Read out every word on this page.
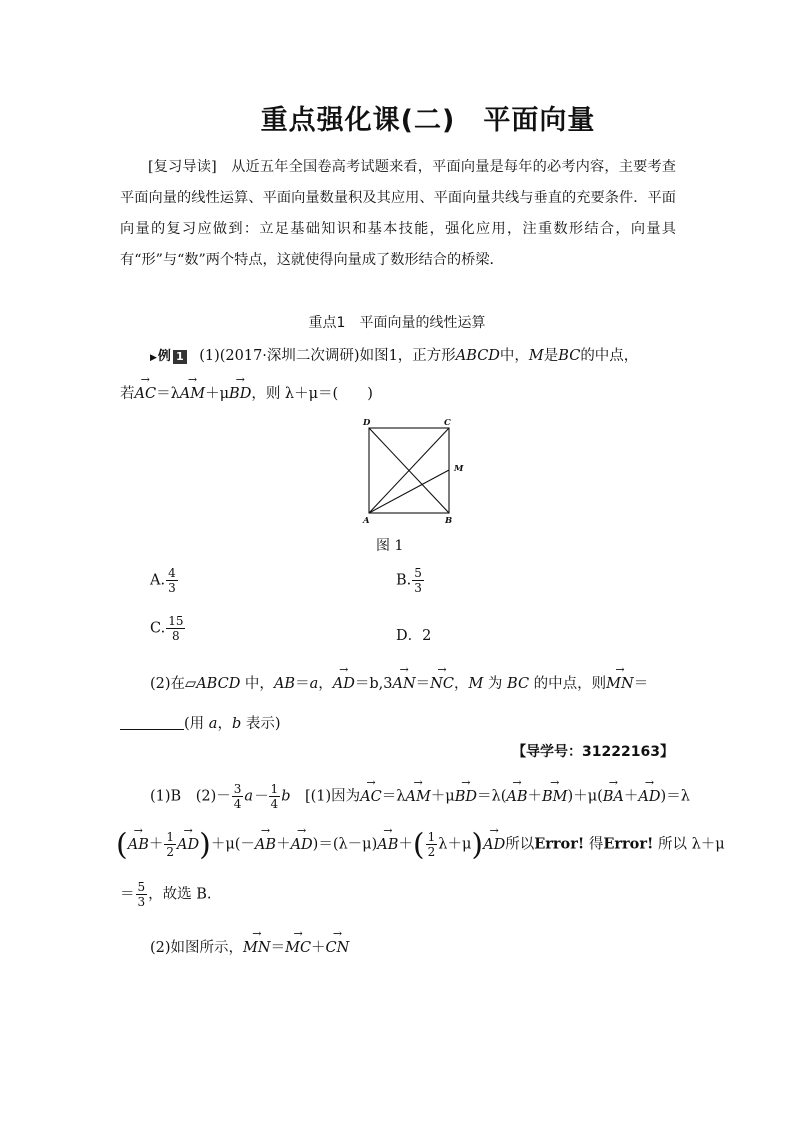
重点强化课(二)　平面向量
[复习导读]　 从近五年全国卷高考试题来看，平面向量是每年的必考内容，主要考查平面向量的线性运算、平面向量数量积及其应用、平面向量共线与垂直的充要条件．平面向量的复习应做到：立足基础知识和基本技能，强化应用，注重数形结合，向量具有“形”与“数”两个特点，这就使得向量成了数形结合的桥梁．
重点1　平面向量的线性运算
▶例 1 (1)(2017·深圳二次调研)如图1，正方形ABCD中，M是BC的中点，
若→ AC＝λ→ AM＋μ→ BD，则 λ＋μ＝(　　)
D	C
M
A	B
图 1
A. $\frac{4}{3}$	B. $\frac{5}{3}$
C. $\frac{15}{8}$	D．2
(2)在▱ABCD 中，AB＝a，→ AD＝b,3→ AN＝→ NC，M 为 BC 的中点，则→ MN＝
(用 a，b 表示)
【导学号：31222163】
(1)B　 $(2)- \frac{3}{4} a- \frac{1}{4}$ b　 [(1)因为→ AC＝λ→ AM＋μ→ BD＝λ(→ AB＋→ BM)＋μ(→ BA＋→ AD)＝λ
(→ $AB+ \frac{1}{2}$
→ $AD)+\mu(-\to AB+\to AD)=(\lambda-\mu)\to AB+( \frac{1}{2} \lambda+\mu)\to$ AD所以Error! 得Error! 所以 λ＋μ
＝ $\frac{5}{3}$ ，故选 B.
(2)如图所示，→ MN＝→ MC＋→ CN
